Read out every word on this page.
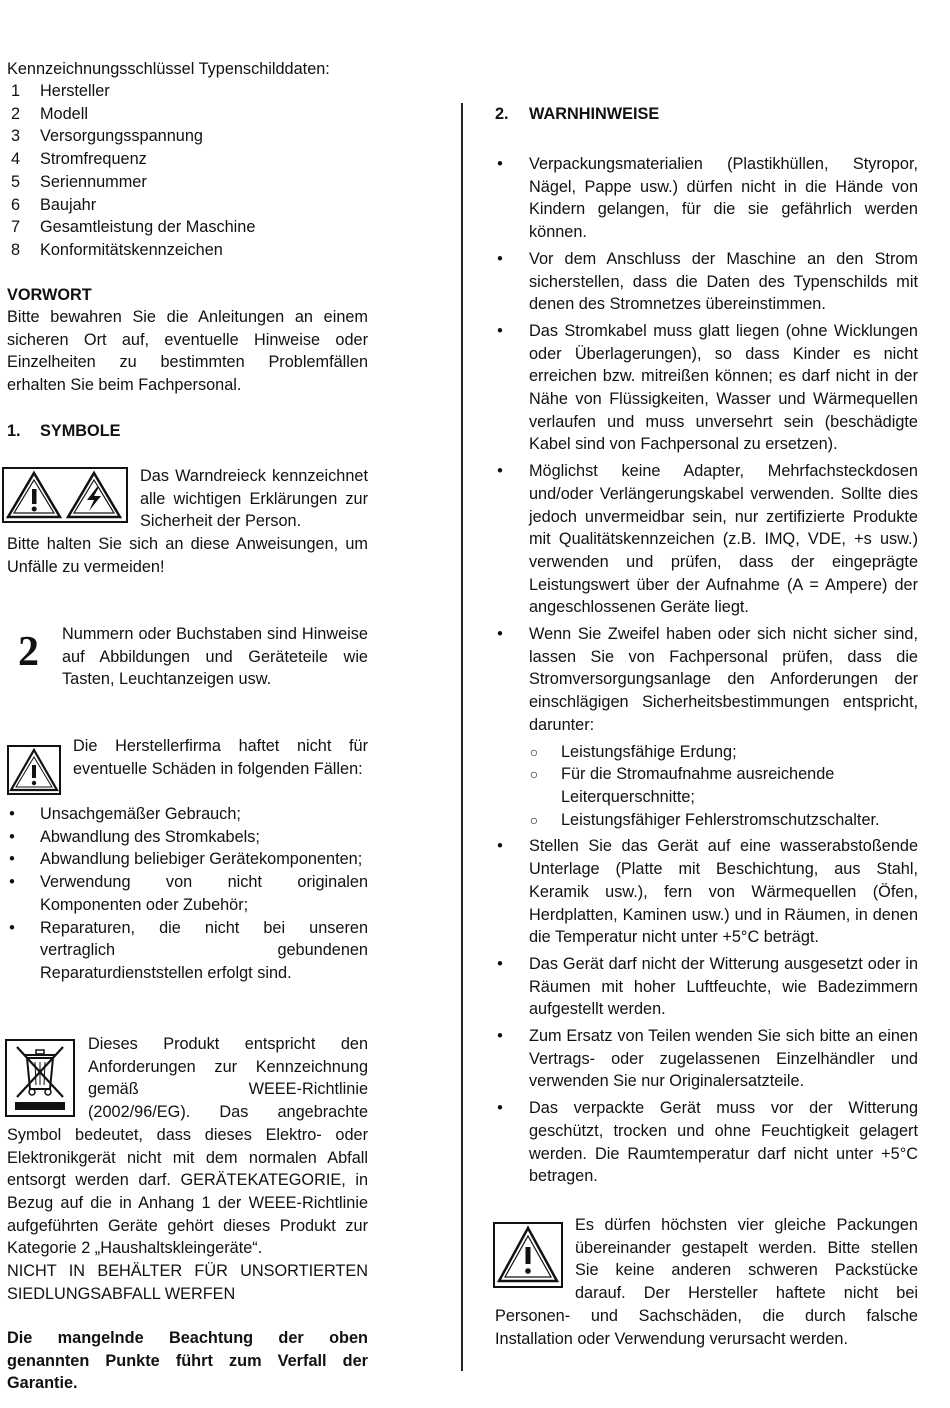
Kennzeichnungsschlüssel Typenschilddaten:
1 Hersteller
2 Modell
3 Versorgungsspannung
4 Stromfrequenz
5 Seriennummer
6 Baujahr
7 Gesamtleistung der Maschine
8 Konformitätskennzeichen
VORWORT
Bitte bewahren Sie die Anleitungen an einem sicheren Ort auf, eventuelle Hinweise oder Einzelheiten zu bestimmten Problemfällen erhalten Sie beim Fachpersonal.
1. SYMBOLE
Das Warndreieck kennzeichnet alle wichtigen Erklärungen zur Sicherheit der Person.
Bitte halten Sie sich an diese Anweisungen, um Unfälle zu vermeiden!
2	Nummern oder Buchstaben sind Hinweise auf Abbildungen und Geräteteile wie Tasten, Leuchtanzeigen usw.
Die Herstellerfirma haftet nicht für eventuelle Schäden in folgenden Fällen:
• Unsachgemäßer Gebrauch;
• Abwandlung des Stromkabels;
• Abwandlung beliebiger Gerätekomponenten;
• Verwendung von nicht originalen Komponenten oder Zubehör;
• Reparaturen, die nicht bei unseren vertraglich gebundenen Reparaturdienststellen erfolgt sind.
Dieses Produkt entspricht den Anforderungen zur Kennzeichnung gemäß WEEE-Richtlinie (2002/96/EG). Das angebrachte Symbol bedeutet, dass dieses Elektro- oder Elektronikgerät nicht mit dem normalen Abfall entsorgt werden darf. GERÄTEKATEGORIE, in Bezug auf die in Anhang 1 der WEEE-Richtlinie aufgeführten Geräte gehört dieses Produkt zur Kategorie 2 „Haushaltskleingeräte“.
NICHT IN BEHÄLTER FÜR UNSORTIERTEN SIEDLUNGSABFALL WERFEN
Die mangelnde Beachtung der oben genannten Punkte führt zum Verfall der Garantie.
2. WARNHINWEISE
• Verpackungsmaterialien (Plastikhüllen, Styropor, Nägel, Pappe usw.) dürfen nicht in die Hände von Kindern gelangen, für die sie gefährlich werden können.
• Vor dem Anschluss der Maschine an den Strom sicherstellen, dass die Daten des Typenschilds mit denen des Stromnetzes übereinstimmen.
• Das Stromkabel muss glatt liegen (ohne Wicklungen oder Überlagerungen), so dass Kinder es nicht erreichen bzw. mitreißen können; es darf nicht in der Nähe von Flüssigkeiten, Wasser und Wärmequellen verlaufen und muss unversehrt sein (beschädigte Kabel sind von Fachpersonal zu ersetzen).
• Möglichst keine Adapter, Mehrfachsteckdosen und/oder Verlängerungskabel verwenden. Sollte dies jedoch unvermeidbar sein, nur zertifizierte Produkte mit Qualitätskennzeichen (z.B. IMQ, VDE, +s usw.) verwenden und prüfen, dass der eingeprägte Leistungswert über der Aufnahme (A = Ampere) der angeschlossenen Geräte liegt.
• Wenn Sie Zweifel haben oder sich nicht sicher sind, lassen Sie von Fachpersonal prüfen, dass die Stromversorgungsanlage den Anforderungen der einschlägigen Sicherheitsbestimmungen entspricht, darunter:
○ Leistungsfähige Erdung;
○ Für die Stromaufnahme ausreichende Leiterquerschnitte;
○ Leistungsfähiger Fehlerstromschutzschalter.
• Stellen Sie das Gerät auf eine wasserabstoßende Unterlage (Platte mit Beschichtung, aus Stahl, Keramik usw.), fern von Wärmequellen (Öfen, Herdplatten, Kaminen usw.) und in Räumen, in denen die Temperatur nicht unter +5°C beträgt.
• Das Gerät darf nicht der Witterung ausgesetzt oder in Räumen mit hoher Luftfeuchte, wie Badezimmern aufgestellt werden.
• Zum Ersatz von Teilen wenden Sie sich bitte an einen Vertrags- oder zugelassenen Einzelhändler und verwenden Sie nur Originalersatzteile.
• Das verpackte Gerät muss vor der Witterung geschützt, trocken und ohne Feuchtigkeit gelagert werden. Die Raumtemperatur darf nicht unter +5°C betragen.
Es dürfen höchsten vier gleiche Packungen übereinander gestapelt werden. Bitte stellen Sie keine anderen schweren Packstücke darauf. Der Hersteller haftete nicht bei Personen- und Sachschäden, die durch falsche Installation oder Verwendung verursacht werden.
